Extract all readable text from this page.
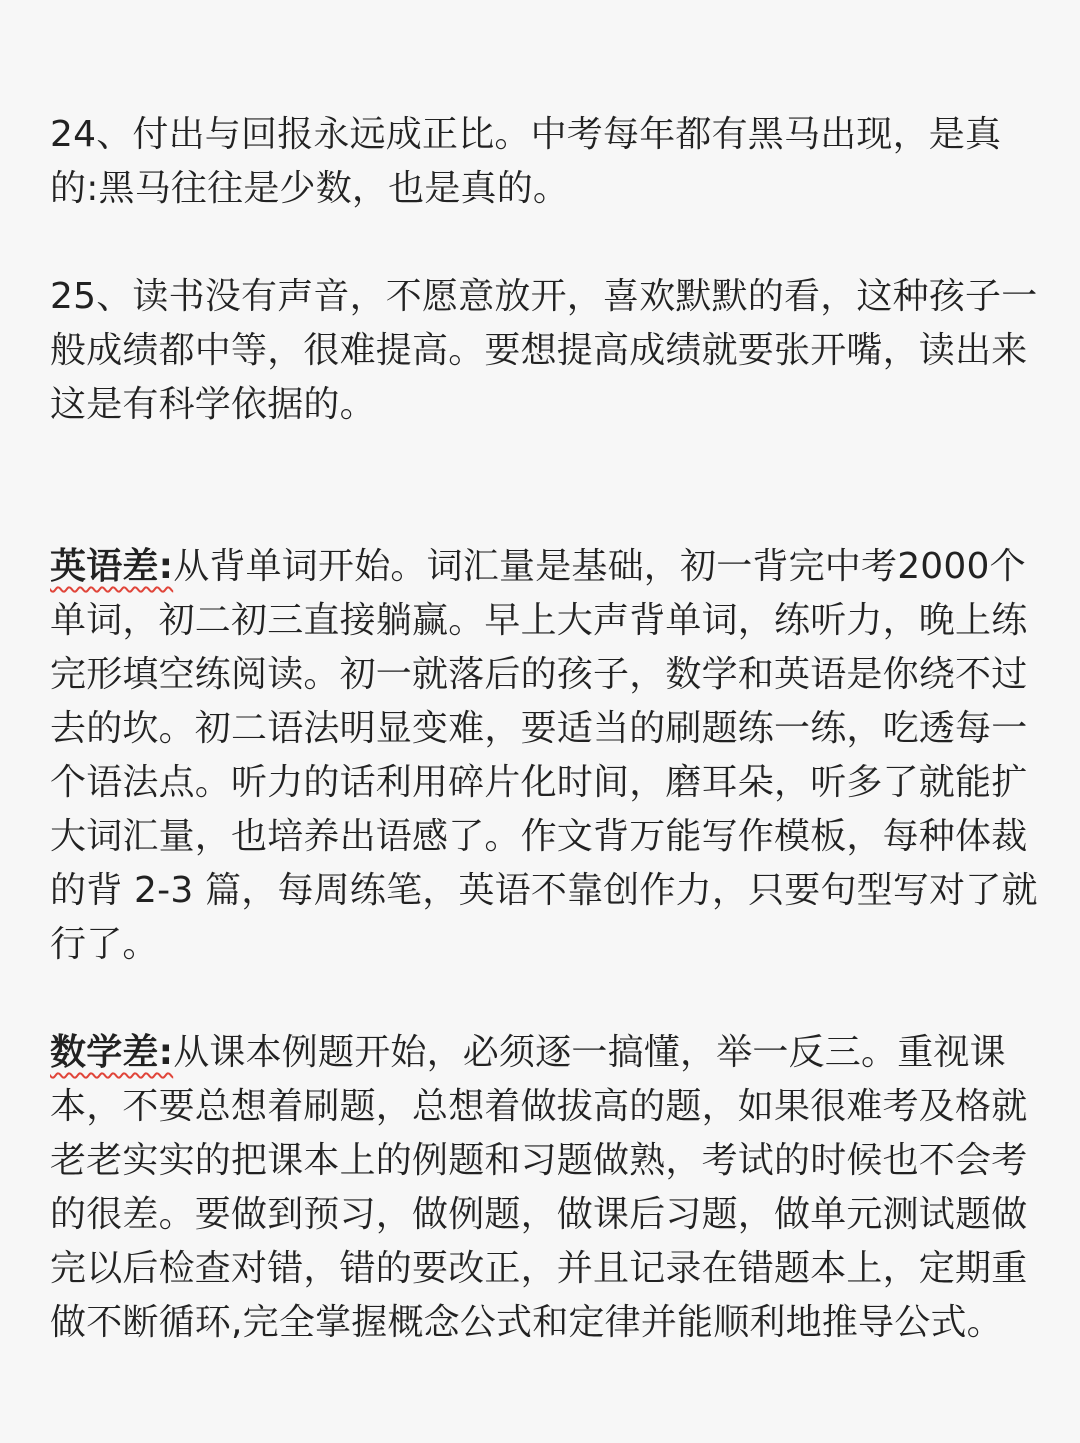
24、付出与回报永远成正比。中考每年都有黑马出现，是真的:黑马往往是少数，也是真的。

25、读书没有声音，不愿意放开，喜欢默默的看，这种孩子一般成绩都中等，很难提高。要想提高成绩就要张开嘴，读出来这是有科学依据的。

英语差:从背单词开始。词汇量是基础，初一背完中考2000个单词，初二初三直接躺赢。早上大声背单词，练听力，晚上练完形填空练阅读。初一就落后的孩子，数学和英语是你绕不过去的坎。初二语法明显变难，要适当的刷题练一练，吃透每一个语法点。听力的话利用碎片化时间，磨耳朵，听多了就能扩大词汇量，也培养出语感了。作文背万能写作模板，每种体裁的背 2-3 篇，每周练笔，英语不靠创作力，只要句型写对了就行了。

数学差:从课本例题开始，必须逐一搞懂，举一反三。重视课本，不要总想着刷题，总想着做拔高的题，如果很难考及格就老老实实的把课本上的例题和习题做熟，考试的时候也不会考的很差。要做到预习，做例题，做课后习题，做单元测试题做完以后检查对错，错的要改正，并且记录在错题本上，定期重做不断循环,完全掌握概念公式和定律并能顺利地推导公式。
